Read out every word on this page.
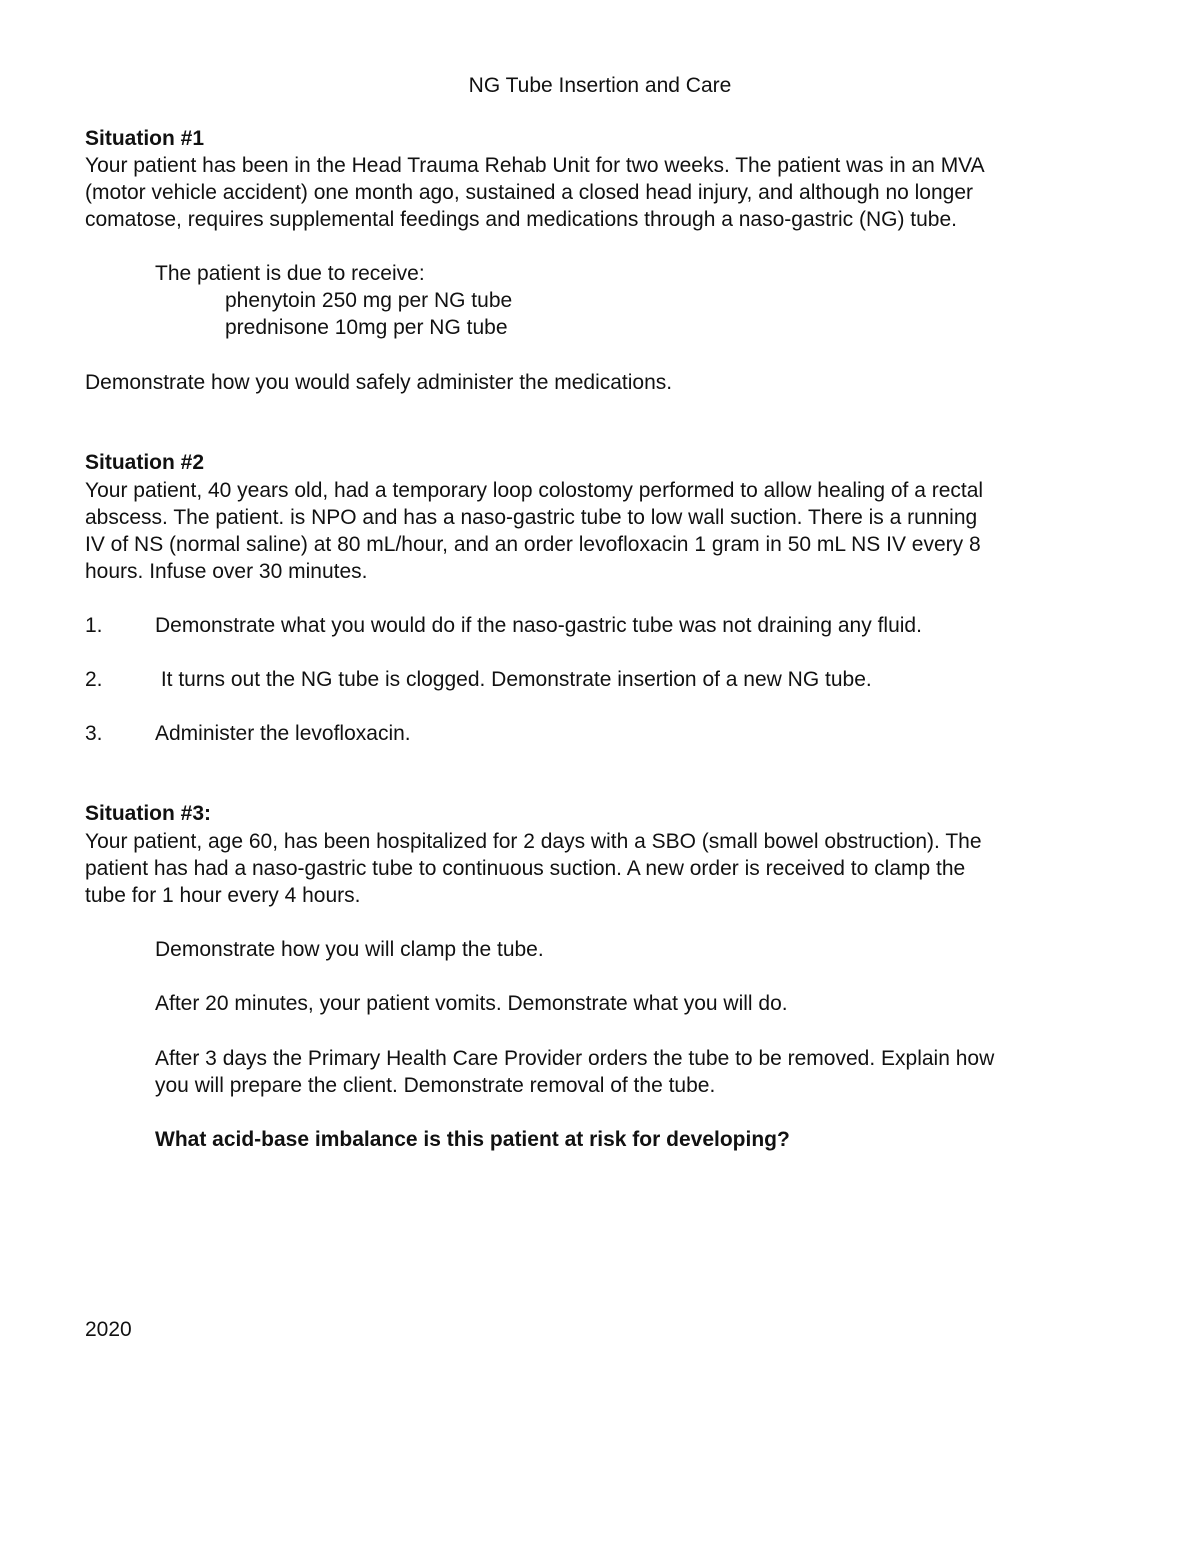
NG Tube Insertion and Care
Situation #1
Your patient has been in the Head Trauma Rehab Unit for two weeks. The patient was in an MVA
(motor vehicle accident) one month ago, sustained a closed head injury, and although no longer
comatose, requires supplemental feedings and medications through a naso-gastric (NG) tube.
The patient is due to receive:
phenytoin 250 mg per NG tube
prednisone 10mg per NG tube
Demonstrate how you would safely administer the medications.
Situation #2
Your patient, 40 years old, had a temporary loop colostomy performed to allow healing of a rectal
abscess. The patient. is NPO and has a naso-gastric tube to low wall suction. There is a running
IV of NS (normal saline) at 80 mL/hour, and an order levofloxacin 1 gram in 50 mL NS IV every 8
hours. Infuse over 30 minutes.
1. Demonstrate what you would do if the naso-gastric tube was not draining any fluid.
2. It turns out the NG tube is clogged. Demonstrate insertion of a new NG tube.
3. Administer the levofloxacin.
Situation #3:
Your patient, age 60, has been hospitalized for 2 days with a SBO (small bowel obstruction). The
patient has had a naso-gastric tube to continuous suction. A new order is received to clamp the
tube for 1 hour every 4 hours.
Demonstrate how you will clamp the tube.
After 20 minutes, your patient vomits. Demonstrate what you will do.
After 3 days the Primary Health Care Provider orders the tube to be removed. Explain how
you will prepare the client. Demonstrate removal of the tube.
What acid-base imbalance is this patient at risk for developing?
2020
